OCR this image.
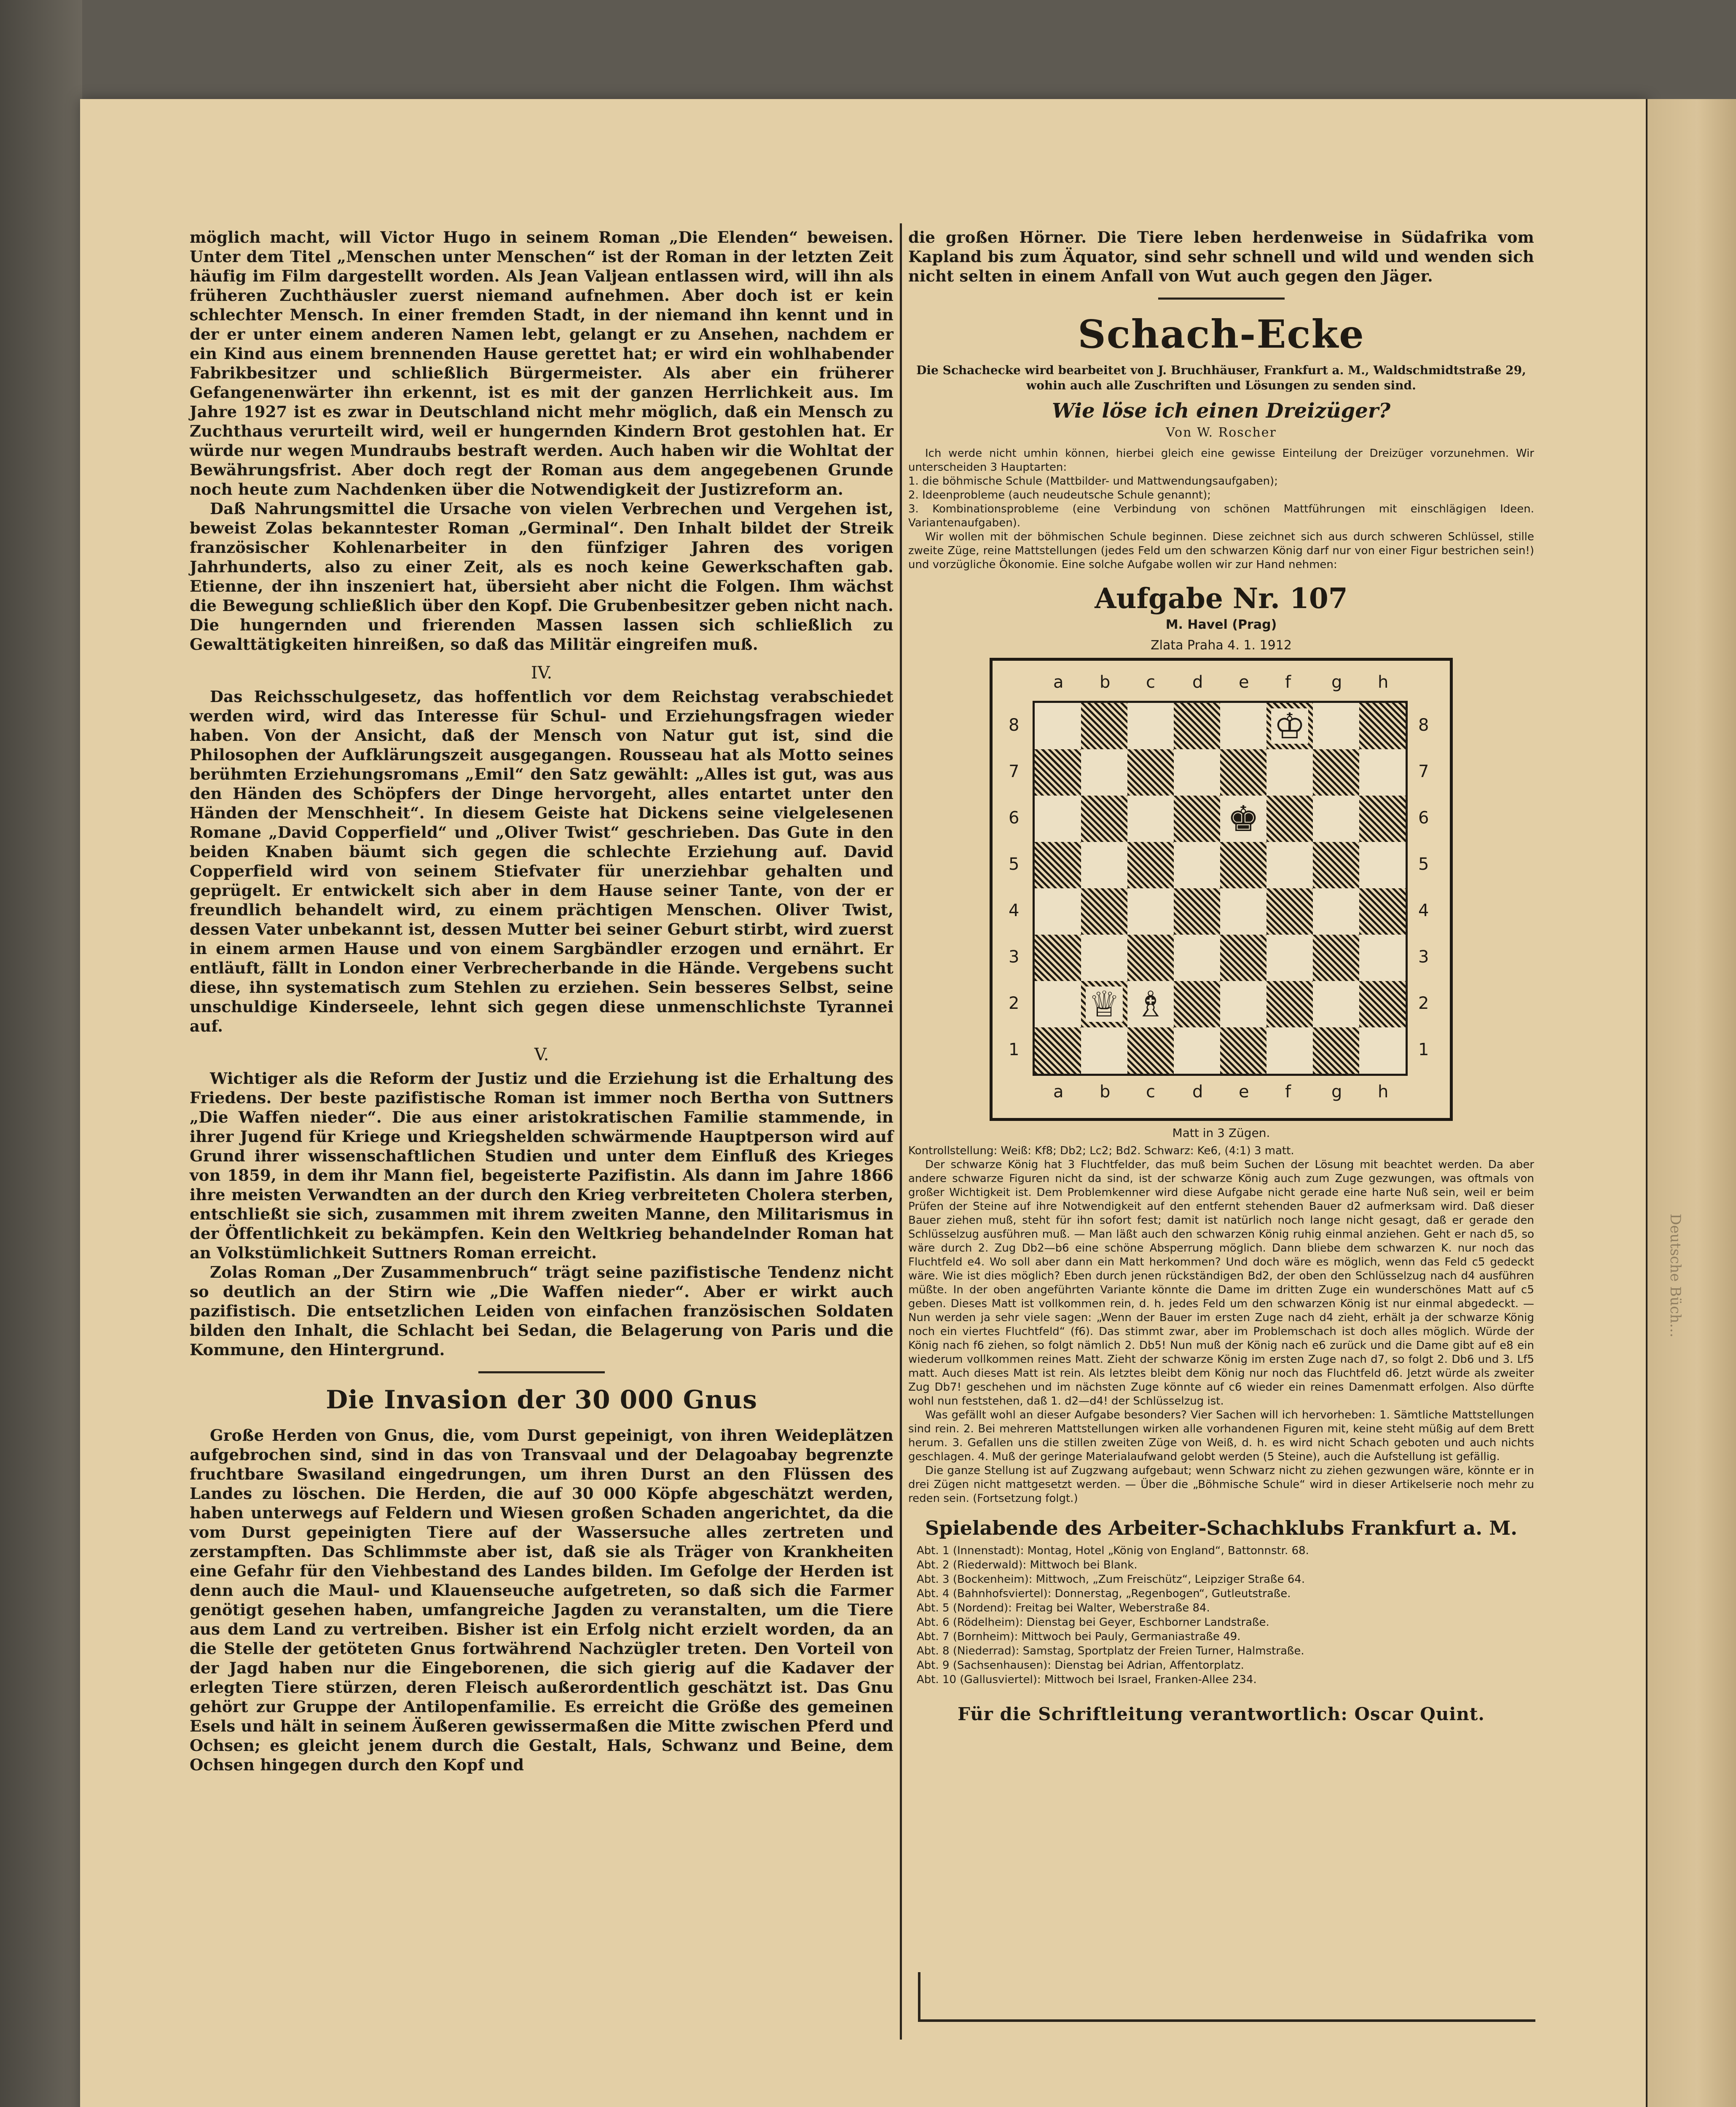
Deutsche Büch…

möglich macht, will Victor Hugo in seinem Roman „Die Elenden“ beweisen. Unter dem Titel „Menschen unter Menschen“ ist der Roman in der letzten Zeit häufig im Film dargestellt worden. Als Jean Valjean entlassen wird, will ihn als früheren Zuchthäusler zuerst niemand aufnehmen. Aber doch ist er kein schlechter Mensch. In einer fremden Stadt, in der niemand ihn kennt und in der er unter einem anderen Namen lebt, gelangt er zu Ansehen, nachdem er ein Kind aus einem brennenden Hause gerettet hat; er wird ein wohlhabender Fabrikbesitzer und schließlich Bürgermeister. Als aber ein früherer Gefangenenwärter ihn erkennt, ist es mit der ganzen Herrlichkeit aus. Im Jahre 1927 ist es zwar in Deutschland nicht mehr möglich, daß ein Mensch zu Zuchthaus verurteilt wird, weil er hungernden Kindern Brot gestohlen hat. Er würde nur wegen Mundraubs bestraft werden. Auch haben wir die Wohltat der Bewährungsfrist. Aber doch regt der Roman aus dem angegebenen Grunde noch heute zum Nachdenken über die Notwendigkeit der Justizreform an.

Daß Nahrungsmittel die Ursache von vielen Verbrechen und Vergehen ist, beweist Zolas bekanntester Roman „Germinal“. Den Inhalt bildet der Streik französischer Kohlenarbeiter in den fünfziger Jahren des vorigen Jahrhunderts, also zu einer Zeit, als es noch keine Gewerkschaften gab. Etienne, der ihn inszeniert hat, übersieht aber nicht die Folgen. Ihm wächst die Bewegung schließlich über den Kopf. Die Grubenbesitzer geben nicht nach. Die hungernden und frierenden Massen lassen sich schließlich zu Gewalttätigkeiten hinreißen, so daß das Militär eingreifen muß.

IV.

Das Reichsschulgesetz, das hoffentlich vor dem Reichstag verabschiedet werden wird, wird das Interesse für Schul- und Erziehungsfragen wieder haben. Von der Ansicht, daß der Mensch von Natur gut ist, sind die Philosophen der Aufklärungszeit ausgegangen. Rousseau hat als Motto seines berühmten Erziehungsromans „Emil“ den Satz gewählt: „Alles ist gut, was aus den Händen des Schöpfers der Dinge hervorgeht, alles entartet unter den Händen der Menschheit“. In diesem Geiste hat Dickens seine vielgelesenen Romane „David Copperfield“ und „Oliver Twist“ geschrieben. Das Gute in den beiden Knaben bäumt sich gegen die schlechte Erziehung auf. David Copperfield wird von seinem Stiefvater für unerziehbar gehalten und geprügelt. Er entwickelt sich aber in dem Hause seiner Tante, von der er freundlich behandelt wird, zu einem prächtigen Menschen. Oliver Twist, dessen Vater unbekannt ist, dessen Mutter bei seiner Geburt stirbt, wird zuerst in einem armen Hause und von einem Sargbändler erzogen und ernährt. Er entläuft, fällt in London einer Verbrecherbande in die Hände. Vergebens sucht diese, ihn systematisch zum Stehlen zu erziehen. Sein besseres Selbst, seine unschuldige Kinderseele, lehnt sich gegen diese unmenschlichste Tyrannei auf.

V.

Wichtiger als die Reform der Justiz und die Erziehung ist die Erhaltung des Friedens. Der beste pazifistische Roman ist immer noch Bertha von Suttners „Die Waffen nieder“. Die aus einer aristokratischen Familie stammende, in ihrer Jugend für Kriege und Kriegshelden schwärmende Hauptperson wird auf Grund ihrer wissenschaftlichen Studien und unter dem Einfluß des Krieges von 1859, in dem ihr Mann fiel, begeisterte Pazifistin. Als dann im Jahre 1866 ihre meisten Verwandten an der durch den Krieg verbreiteten Cholera sterben, entschließt sie sich, zusammen mit ihrem zweiten Manne, den Militarismus in der Öffentlichkeit zu bekämpfen. Kein den Weltkrieg behandelnder Roman hat an Volkstümlichkeit Suttners Roman erreicht.

Zolas Roman „Der Zusammenbruch“ trägt seine pazifistische Tendenz nicht so deutlich an der Stirn wie „Die Waffen nieder“. Aber er wirkt auch pazifistisch. Die entsetzlichen Leiden von einfachen französischen Soldaten bilden den Inhalt, die Schlacht bei Sedan, die Belagerung von Paris und die Kommune, den Hintergrund.

Die Invasion der 30 000 Gnus

Große Herden von Gnus, die, vom Durst gepeinigt, von ihren Weideplätzen aufgebrochen sind, sind in das von Transvaal und der Delagoabay begrenzte fruchtbare Swasiland eingedrungen, um ihren Durst an den Flüssen des Landes zu löschen. Die Herden, die auf 30 000 Köpfe abgeschätzt werden, haben unterwegs auf Feldern und Wiesen großen Schaden angerichtet, da die vom Durst gepeinigten Tiere auf der Wassersuche alles zertreten und zerstampften. Das Schlimmste aber ist, daß sie als Träger von Krankheiten eine Gefahr für den Viehbestand des Landes bilden. Im Gefolge der Herden ist denn auch die Maul- und Klauenseuche aufgetreten, so daß sich die Farmer genötigt gesehen haben, umfangreiche Jagden zu veranstalten, um die Tiere aus dem Land zu vertreiben. Bisher ist ein Erfolg nicht erzielt worden, da an die Stelle der getöteten Gnus fortwährend Nachzügler treten. Den Vorteil von der Jagd haben nur die Eingeborenen, die sich gierig auf die Kadaver der erlegten Tiere stürzen, deren Fleisch außerordentlich geschätzt ist. Das Gnu gehört zur Gruppe der Antilopenfamilie. Es erreicht die Größe des gemeinen Esels und hält in seinem Äußeren gewissermaßen die Mitte zwischen Pferd und Ochsen; es gleicht jenem durch die Gestalt, Hals, Schwanz und Beine, dem Ochsen hingegen durch den Kopf und

die großen Hörner. Die Tiere leben herdenweise in Südafrika vom Kapland bis zum Äquator, sind sehr schnell und wild und wenden sich nicht selten in einem Anfall von Wut auch gegen den Jäger.

Schach-Ecke

Die Schachecke wird bearbeitet von J. Bruchhäuser, Frankfurt a. M., Waldschmidtstraße 29, wohin auch alle Zuschriften und Lösungen zu senden sind.

Wie löse ich einen Dreizüger?
Von W. Roscher

Ich werde nicht umhin können, hierbei gleich eine gewisse Einteilung der Dreizüger vorzunehmen. Wir unterscheiden 3 Hauptarten:

1. die böhmische Schule (Mattbilder- und Mattwendungsaufgaben);

2. Ideenprobleme (auch neudeutsche Schule genannt);

3. Kombinationsprobleme (eine Verbindung von schönen Mattführungen mit einschlägigen Ideen. Variantenaufgaben).

Wir wollen mit der böhmischen Schule beginnen. Diese zeichnet sich aus durch schweren Schlüssel, stille zweite Züge, reine Mattstellungen (jedes Feld um den schwarzen König darf nur von einer Figur bestrichen sein!) und vorzügliche Ökonomie. Eine solche Aufgabe wollen wir zur Hand nehmen:

Aufgabe Nr. 107
M. Havel (Prag)
Zlata Praha 4. 1. 1912
♔
♚
♕ ♗
a
a
b
b
c
c
d
d
e
e
f
f
g
g
h
h
8	8
7	7
6	6
5	5
4	4
3	3
2	2
1	1
Matt in 3 Zügen.

Kontrollstellung: Weiß: Kf8; Db2; Lc2; Bd2. Schwarz: Ke6, (4:1) 3 matt.

Der schwarze König hat 3 Fluchtfelder, das muß beim Suchen der Lösung mit beachtet werden. Da aber andere schwarze Figuren nicht da sind, ist der schwarze König auch zum Zuge gezwungen, was oftmals von großer Wichtigkeit ist. Dem Problemkenner wird diese Aufgabe nicht gerade eine harte Nuß sein, weil er beim Prüfen der Steine auf ihre Notwendigkeit auf den entfernt stehenden Bauer d2 aufmerksam wird. Daß dieser Bauer ziehen muß, steht für ihn sofort fest; damit ist natürlich noch lange nicht gesagt, daß er gerade den Schlüsselzug ausführen muß. — Man läßt auch den schwarzen König ruhig einmal anziehen. Geht er nach d5, so wäre durch 2. Zug Db2—b6 eine schöne Absperrung möglich. Dann bliebe dem schwarzen K. nur noch das Fluchtfeld e4. Wo soll aber dann ein Matt herkommen? Und doch wäre es möglich, wenn das Feld c5 gedeckt wäre. Wie ist dies möglich? Eben durch jenen rückständigen Bd2, der oben den Schlüsselzug nach d4 ausführen müßte. In der oben angeführten Variante könnte die Dame im dritten Zuge ein wunderschönes Matt auf c5 geben. Dieses Matt ist vollkommen rein, d. h. jedes Feld um den schwarzen König ist nur einmal abgedeckt. — Nun werden ja sehr viele sagen: „Wenn der Bauer im ersten Zuge nach d4 zieht, erhält ja der schwarze König noch ein viertes Fluchtfeld“ (f6). Das stimmt zwar, aber im Problemschach ist doch alles möglich. Würde der König nach f6 ziehen, so folgt nämlich 2. Db5! Nun muß der König nach e6 zurück und die Dame gibt auf e8 ein wiederum vollkommen reines Matt. Zieht der schwarze König im ersten Zuge nach d7, so folgt 2. Db6 und 3. Lf5 matt. Auch dieses Matt ist rein. Als letztes bleibt dem König nur noch das Fluchtfeld d6. Jetzt würde als zweiter Zug Db7! geschehen und im nächsten Zuge könnte auf c6 wieder ein reines Damenmatt erfolgen. Also dürfte wohl nun feststehen, daß 1. d2—d4! der Schlüsselzug ist.

Was gefällt wohl an dieser Aufgabe besonders? Vier Sachen will ich hervorheben: 1. Sämtliche Mattstellungen sind rein. 2. Bei mehreren Mattstellungen wirken alle vorhandenen Figuren mit, keine steht müßig auf dem Brett herum. 3. Gefallen uns die stillen zweiten Züge von Weiß, d. h. es wird nicht Schach geboten und auch nichts geschlagen. 4. Muß der geringe Materialaufwand gelobt werden (5 Steine), auch die Aufstellung ist gefällig.

Die ganze Stellung ist auf Zugzwang aufgebaut; wenn Schwarz nicht zu ziehen gezwungen wäre, könnte er in drei Zügen nicht mattgesetzt werden. — Über die „Böhmische Schule“ wird in dieser Artikelserie noch mehr zu reden sein. (Fortsetzung folgt.)

Spielabende des Arbeiter-Schachklubs Frankfurt a. M.
Abt. 1 (Innenstadt): Montag, Hotel „König von England“, Battonnstr. 68.
Abt. 2 (Riederwald): Mittwoch bei Blank.
Abt. 3 (Bockenheim): Mittwoch, „Zum Freischütz“, Leipziger Straße 64.
Abt. 4 (Bahnhofsviertel): Donnerstag, „Regenbogen“, Gutleutstraße.
Abt. 5 (Nordend): Freitag bei Walter, Weberstraße 84.
Abt. 6 (Rödelheim): Dienstag bei Geyer, Eschborner Landstraße.
Abt. 7 (Bornheim): Mittwoch bei Pauly, Germaniastraße 49.
Abt. 8 (Niederrad): Samstag, Sportplatz der Freien Turner, Halmstraße.
Abt. 9 (Sachsenhausen): Dienstag bei Adrian, Affentorplatz.
Abt. 10 (Gallusviertel): Mittwoch bei Israel, Franken-Allee 234.
Für die Schriftleitung verantwortlich: Oscar Quint.
